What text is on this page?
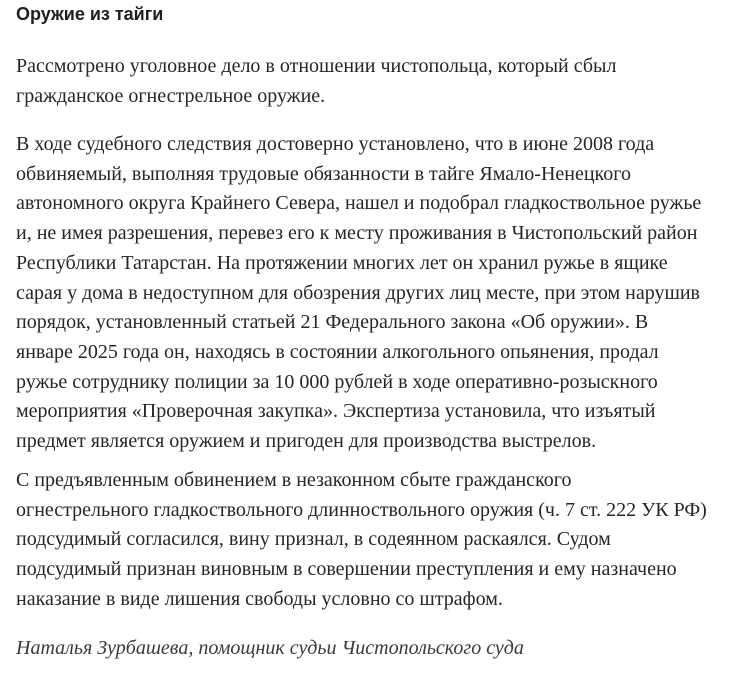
Оружие из тайги
Рассмотрено уголовное дело в отношении чистопольца, который сбыл
гражданское огнестрельное оружие.
В ходе судебного следствия достоверно установлено, что в июне 2008 года
обвиняемый, выполняя трудовые обязанности в тайге Ямало-Ненецкого
автономного округа Крайнего Севера, нашел и подобрал гладкоствольное ружье
и, не имея разрешения, перевез его к месту проживания в Чистопольский район
Республики Татарстан. На протяжении многих лет он хранил ружье в ящике
сарая у дома в недоступном для обозрения других лиц месте, при этом нарушив
порядок, установленный статьей 21 Федерального закона «Об оружии». В
январе 2025 года он, находясь в состоянии алкогольного опьянения, продал
ружье сотруднику полиции за 10 000 рублей в ходе оперативно-розыскного
мероприятия «Проверочная закупка». Экспертиза установила, что изъятый
предмет является оружием и пригоден для производства выстрелов.
С предъявленным обвинением в незаконном сбыте гражданского
огнестрельного гладкоствольного длинноствольного оружия (ч. 7 ст. 222 УК РФ)
подсудимый согласился, вину признал, в содеянном раскаялся. Судом
подсудимый признан виновным в совершении преступления и ему назначено
наказание в виде лишения свободы условно со штрафом.

Наталья Зурбашева, помощник судьи Чистопольского суда
